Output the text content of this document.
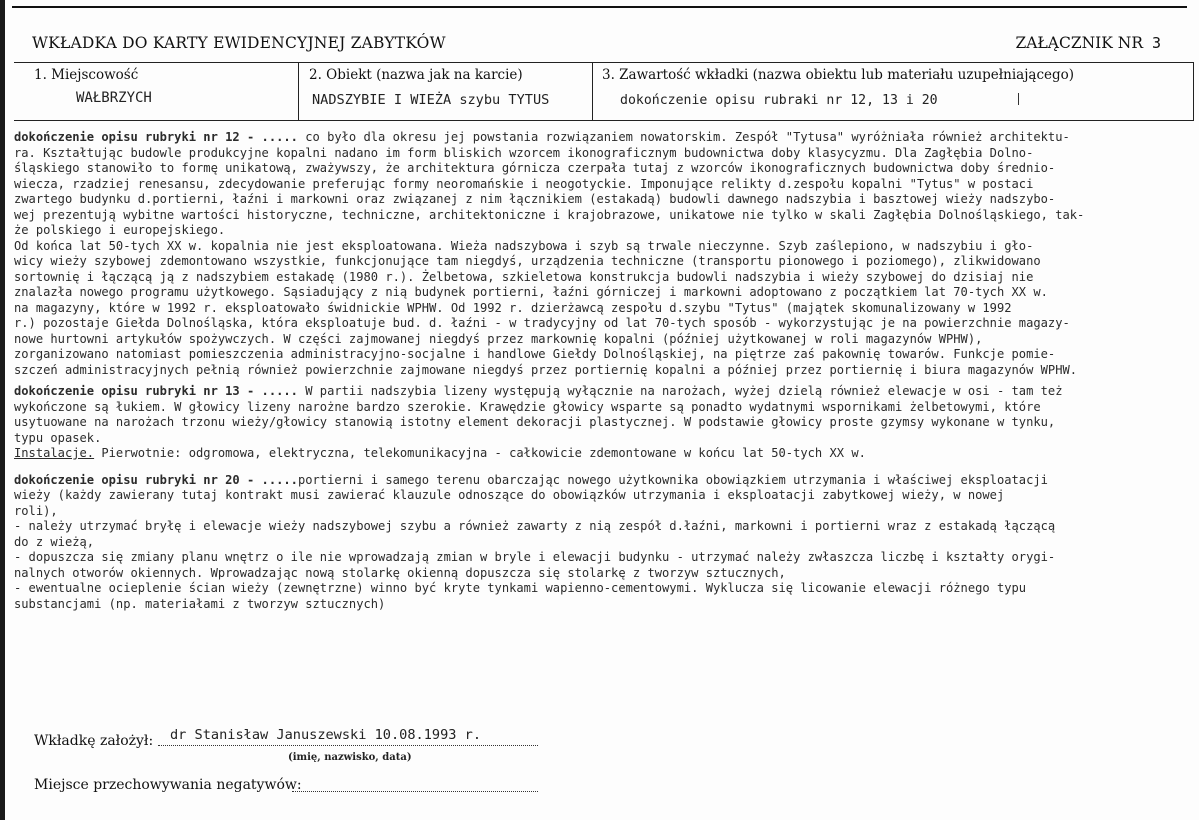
WKŁADKA DO KARTY EWIDENCYJNEJ ZABYTKÓW	ZAŁĄCZNIK NR 3
1. Miejscowość
WAŁBRZYCH
2. Obiekt (nazwa jak na karcie)
NADSZYBIE I WIEŻA szybu TYTUS
3. Zawartość wkładki (nazwa obiektu lub materiału uzupełniającego)
dokończenie opisu rubraki nr 12, 13 i 20
dokończenie opisu rubryki nr 12 - ..... co było dla okresu jej powstania rozwiązaniem nowatorskim. Zespół "Tytusa" wyróżniała również architektu-
ra. Kształtując budowle produkcyjne kopalni nadano im form bliskich wzorcem ikonograficznym budownictwa doby klasycyzmu. Dla Zagłębia Dolno-
śląskiego stanowiło to formę unikatową, zważywszy, że architektura górnicza czerpała tutaj z wzorców ikonograficznych budownictwa doby średnio-
wiecza, rzadziej renesansu, zdecydowanie preferując formy neoromańskie i neogotyckie. Imponujące relikty d.zespołu kopalni "Tytus" w postaci
zwartego budynku d.portierni, łaźni i markowni oraz związanej z nim łącznikiem (estakadą) budowli dawnego nadszybia i basztowej wieży nadszybo-
wej prezentują wybitne wartości historyczne, techniczne, architektoniczne i krajobrazowe, unikatowe nie tylko w skali Zagłębia Dolnośląskiego, tak-
że polskiego i europejskiego.
Od końca lat 50-tych XX w. kopalnia nie jest eksploatowana. Wieża nadszybowa i szyb są trwale nieczynne. Szyb zaślepiono, w nadszybiu i gło-
wicy wieży szybowej zdemontowano wszystkie, funkcjonujące tam niegdyś, urządzenia techniczne (transportu pionowego i poziomego), zlikwidowano
sortownię i łączącą ją z nadszybiem estakadę (1980 r.). Żelbetowa, szkieletowa konstrukcja budowli nadszybia i wieży szybowej do dzisiaj nie
znalazła nowego programu użytkowego. Sąsiadujący z nią budynek portierni, łaźni górniczej i markowni adoptowano z początkiem lat 70-tych XX w.
na magazyny, które w 1992 r. eksploatowało świdnickie WPHW. Od 1992 r. dzierżawcą zespołu d.szybu "Tytus" (majątek skomunalizowany w 1992
r.) pozostaje Giełda Dolnośląska, która eksploatuje bud. d. łaźni - w tradycyjny od lat 70-tych sposób - wykorzystując je na powierzchnie magazy-
nowe hurtowni artykułów spożywczych. W części zajmowanej niegdyś przez markownię kopalni (później użytkowanej w roli magazynów WPHW),
zorganizowano natomiast pomieszczenia administracyjno-socjalne i handlowe Giełdy Dolnośląskiej, na piętrze zaś pakownię towarów. Funkcje pomie-
szczeń administracyjnych pełnią również powierzchnie zajmowane niegdyś przez portiernię kopalni a później przez portiernię i biura magazynów WPHW.
dokończenie opisu rubryki nr 13 - ..... W partii nadszybia lizeny występują wyłącznie na narożach, wyżej dzielą również elewacje w osi - tam też
wykończone są łukiem. W głowicy lizeny narożne bardzo szerokie. Krawędzie głowicy wsparte są ponadto wydatnymi wspornikami żelbetowymi, które
usytuowane na narożach trzonu wieży/głowicy stanowią istotny element dekoracji plastycznej. W podstawie głowicy proste gzymsy wykonane w tynku,
typu opasek.
Instalacje. Pierwotnie: odgromowa, elektryczna, telekomunikacyjna - całkowicie zdemontowane w końcu lat 50-tych XX w.
dokończenie opisu rubryki nr 20 - .....portierni i samego terenu obarczając nowego użytkownika obowiązkiem utrzymania i właściwej eksploatacji
wieży (każdy zawierany tutaj kontrakt musi zawierać klauzule odnoszące do obowiązków utrzymania i eksploatacji zabytkowej wieży, w nowej
roli),
- należy utrzymać bryłę i elewacje wieży nadszybowej szybu a również zawarty z nią zespół d.łaźni, markowni i portierni wraz z estakadą łączącą
do z wieżą,
- dopuszcza się zmiany planu wnętrz o ile nie wprowadzają zmian w bryle i elewacji budynku - utrzymać należy zwłaszcza liczbę i kształty orygi-
nalnych otworów okiennych. Wprowadzając nową stolarkę okienną dopuszcza się stolarkę z tworzyw sztucznych,
- ewentualne ocieplenie ścian wieży (zewnętrzne) winno być kryte tynkami wapienno-cementowymi. Wyklucza się licowanie elewacji różnego typu
substancjami (np. materiałami z tworzyw sztucznych)
Wkładkę założył: dr Stanisław Januszewski 10.08.1993 r.
(imię, nazwisko, data)
Miejsce przechowywania negatywów:
